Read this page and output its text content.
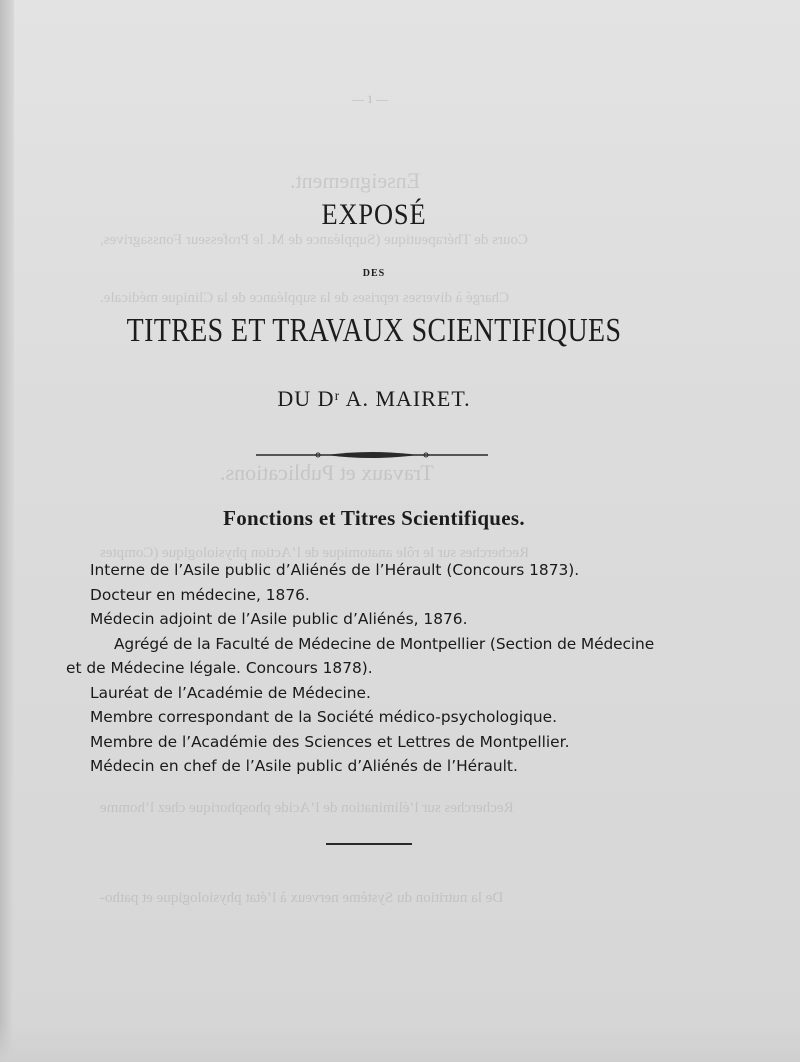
Enseignement.
Cours de Thérapeutique (Suppléance de M. le Professeur Fonssagrives,
Chargé à diverses reprises de la suppléance de la Clinique médicale.
Travaux et Publications.
Recherches sur le rôle anatomique de l’Action physiologique (Comptes
Recherches sur l’élimination de l’Acide phosphorique chez l’homme
De la nutrition du Système nerveux à l’état physiologique et patho-
— 1 —
EXPOSÉ
DES
TITRES ET TRAVAUX SCIENTIFIQUES
DU Dʳ A. MAIRET.
Fonctions et Titres Scientifiques.
Interne de l’Asile public d’Aliénés de l’Hérault (Concours 1873).
Docteur en médecine, 1876.
Médecin adjoint de l’Asile public d’Aliénés, 1876.
Agrégé de la Faculté de Médecine de Montpellier (Section de Médecine
et de Médecine légale. Concours 1878).
Lauréat de l’Académie de Médecine.
Membre correspondant de la Société médico-psychologique.
Membre de l’Académie des Sciences et Lettres de Montpellier.
Médecin en chef de l’Asile public d’Aliénés de l’Hérault.
